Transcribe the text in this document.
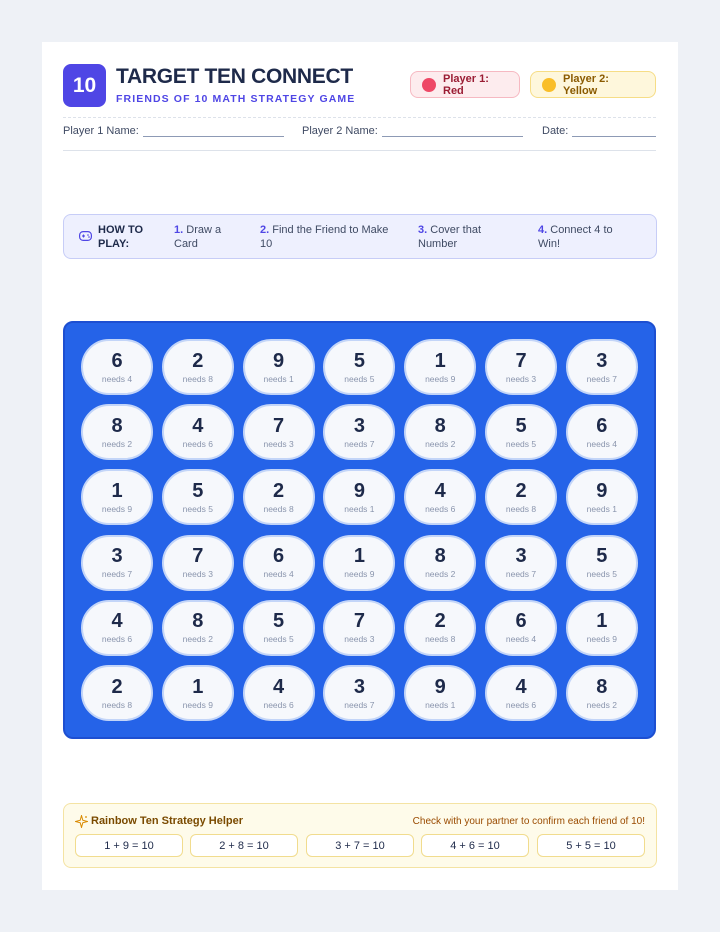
10 TARGET TEN CONNECT
FRIENDS OF 10 MATH STRATEGY GAME
Player 1: Red
Player 2: Yellow
Player 1 Name:	Player 2 Name:	Date:
HOW TO PLAY:
1. Draw a Card
2. Find the Friend to Make 10
3. Cover that Number
4. Connect 4 to Win!
6
needs 4
2
needs 8
9
needs 1
5
needs 5
1
needs 9
7
needs 3
3
needs 7
8
needs 2
4
needs 6
7
needs 3
3
needs 7
8
needs 2
5
needs 5
6
needs 4
1
needs 9
5
needs 5
2
needs 8
9
needs 1
4
needs 6
2
needs 8
9
needs 1
3
needs 7
7
needs 3
6
needs 4
1
needs 9
8
needs 2
3
needs 7
5
needs 5
4
needs 6
8
needs 2
5
needs 5
7
needs 3
2
needs 8
6
needs 4
1
needs 9
2
needs 8
1
needs 9
4
needs 6
3
needs 7
9
needs 1
4
needs 6
8
needs 2
Rainbow Ten Strategy Helper	Check with your partner to confirm each friend of 10!
1 + 9 = 10	2 + 8 = 10	3 + 7 = 10	4 + 6 = 10	5 + 5 = 10
